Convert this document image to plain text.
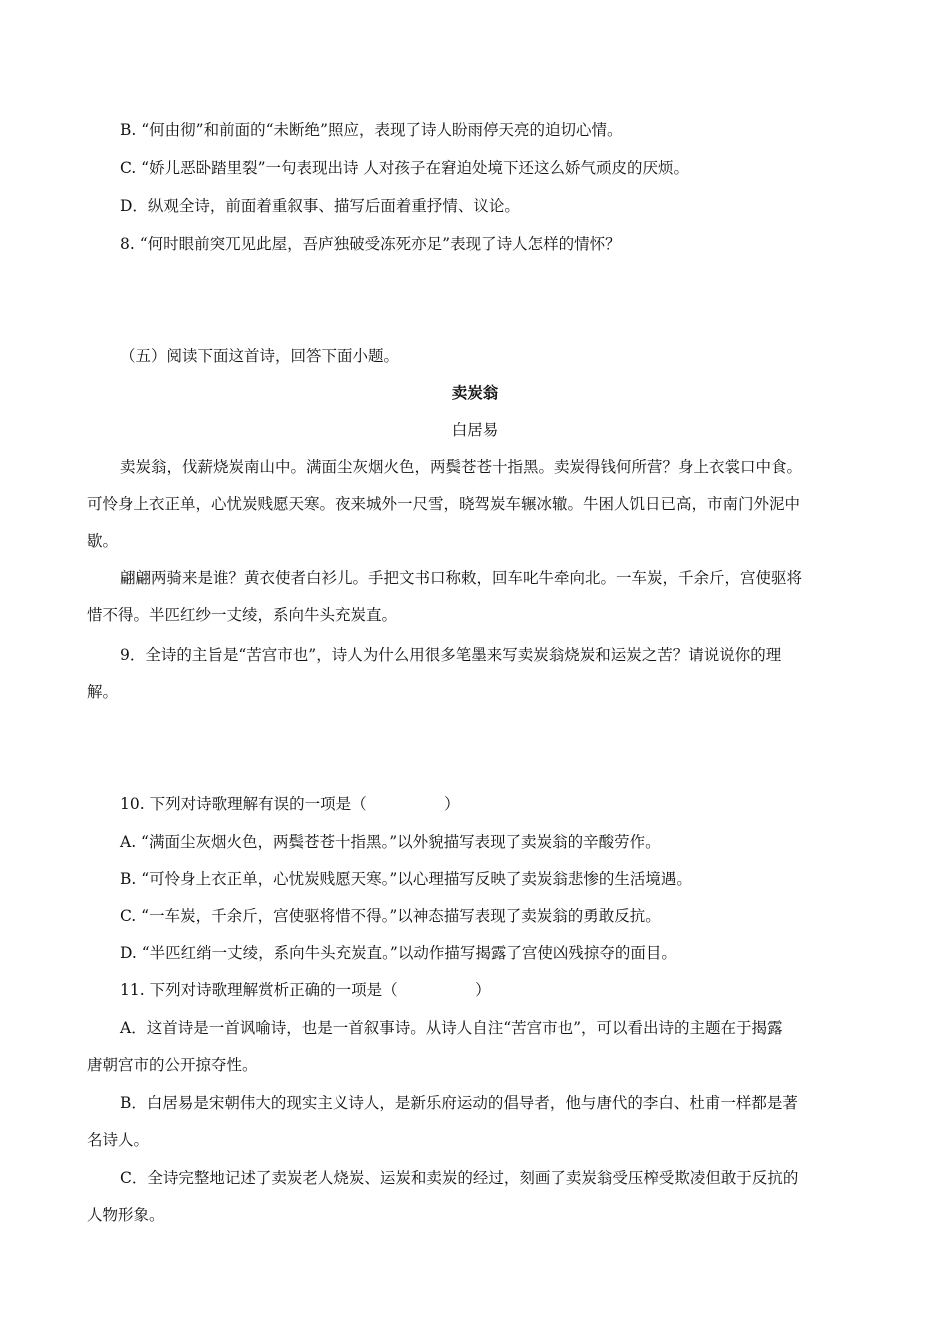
B. “何由彻”和前面的“未断绝”照应，表现了诗人盼雨停天亮的迫切心情。
C. “娇儿恶卧踏里裂”一句表现出诗 人对孩子在窘迫处境下还这么娇气顽皮的厌烦。
D．纵观全诗，前面着重叙事、描写后面着重抒情、议论。
8. “何时眼前突兀见此屋，吾庐独破受冻死亦足”表现了诗人怎样的情怀？
（五）阅读下面这首诗，回答下面小题。
卖炭翁
白居易
卖炭翁，伐薪烧炭南山中。满面尘灰烟火色，两鬓苍苍十指黑。卖炭得钱何所营？身上衣裳口中食。
可怜身上衣正单，心忧炭贱愿天寒。夜来城外一尺雪，晓驾炭车辗冰辙。牛困人饥日已高，市南门外泥中
歇。
翩翩两骑来是谁？黄衣使者白衫儿。手把文书口称敕，回车叱牛牵向北。一车炭，千余斤，宫使驱将
惜不得。半匹红纱一丈绫，系向牛头充炭直。
9．全诗的主旨是“苦宫市也”，诗人为什么用很多笔墨来写卖炭翁烧炭和运炭之苦？请说说你的理
解。
10. 下列对诗歌理解有误的一项是（　　　　　）
A. “满面尘灰烟火色，两鬓苍苍十指黑。”以外貌描写表现了卖炭翁的辛酸劳作。
B. “可怜身上衣正单，心忧炭贱愿天寒。”以心理描写反映了卖炭翁悲惨的生活境遇。
C. “一车炭，千余斤，宫使驱将惜不得。”以神态描写表现了卖炭翁的勇敢反抗。
D. “半匹红绡一丈绫，系向牛头充炭直。”以动作描写揭露了宫使凶残掠夺的面目。
11. 下列对诗歌理解赏析正确的一项是（　　　　　）
A．这首诗是一首讽喻诗，也是一首叙事诗。从诗人自注“苦宫市也”，可以看出诗的主题在于揭露
唐朝宫市的公开掠夺性。
B．白居易是宋朝伟大的现实主义诗人，是新乐府运动的倡导者，他与唐代的李白、杜甫一样都是著
名诗人。
C．全诗完整地记述了卖炭老人烧炭、运炭和卖炭的经过，刻画了卖炭翁受压榨受欺凌但敢于反抗的
人物形象。
